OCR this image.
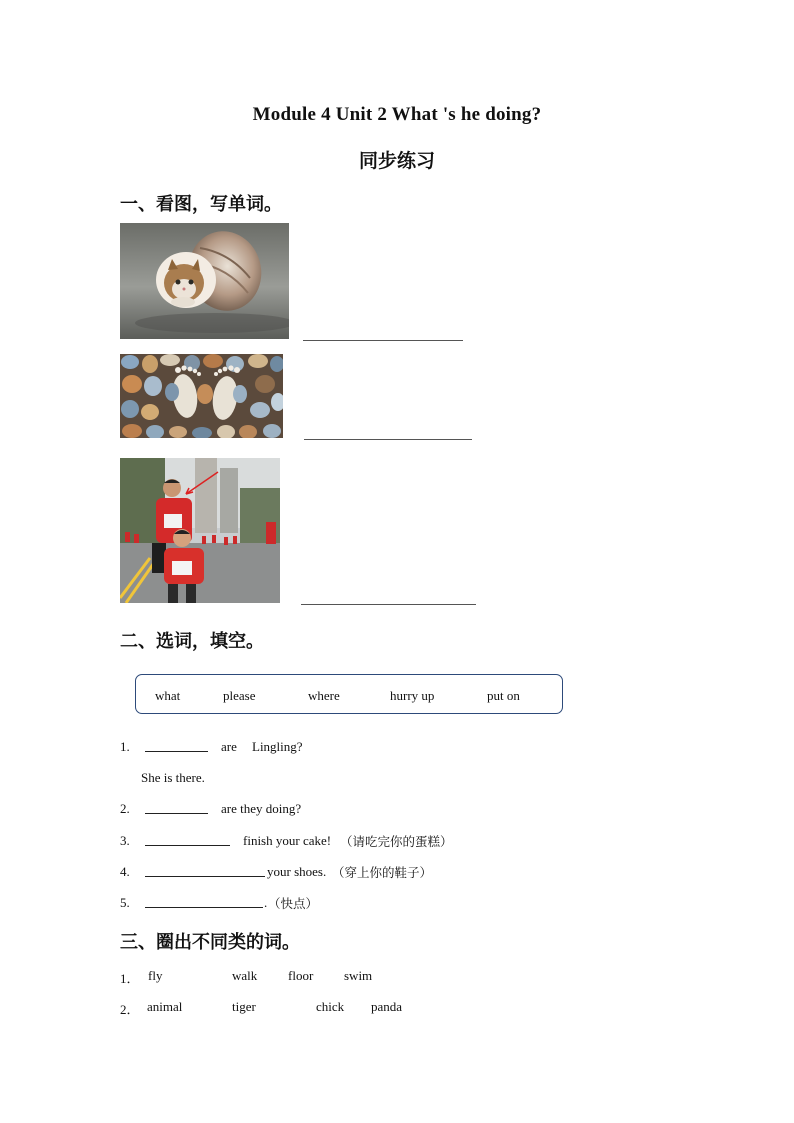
Module 4 Unit 2 What 's he doing?
同步练习
一、看图，写单词。
二、选词，填空。
what	please	where	hurry up	put on
1.	are Lingling?
She is there.
2.	are they doing?
3.	finish your cake! （请吃完你的蛋糕）
4.	your shoes. （穿上你的鞋子）
5.	. （快点）
三、圈出不同类的词。
1． fly	walk floor swim
2． animal	tiger	chick panda
